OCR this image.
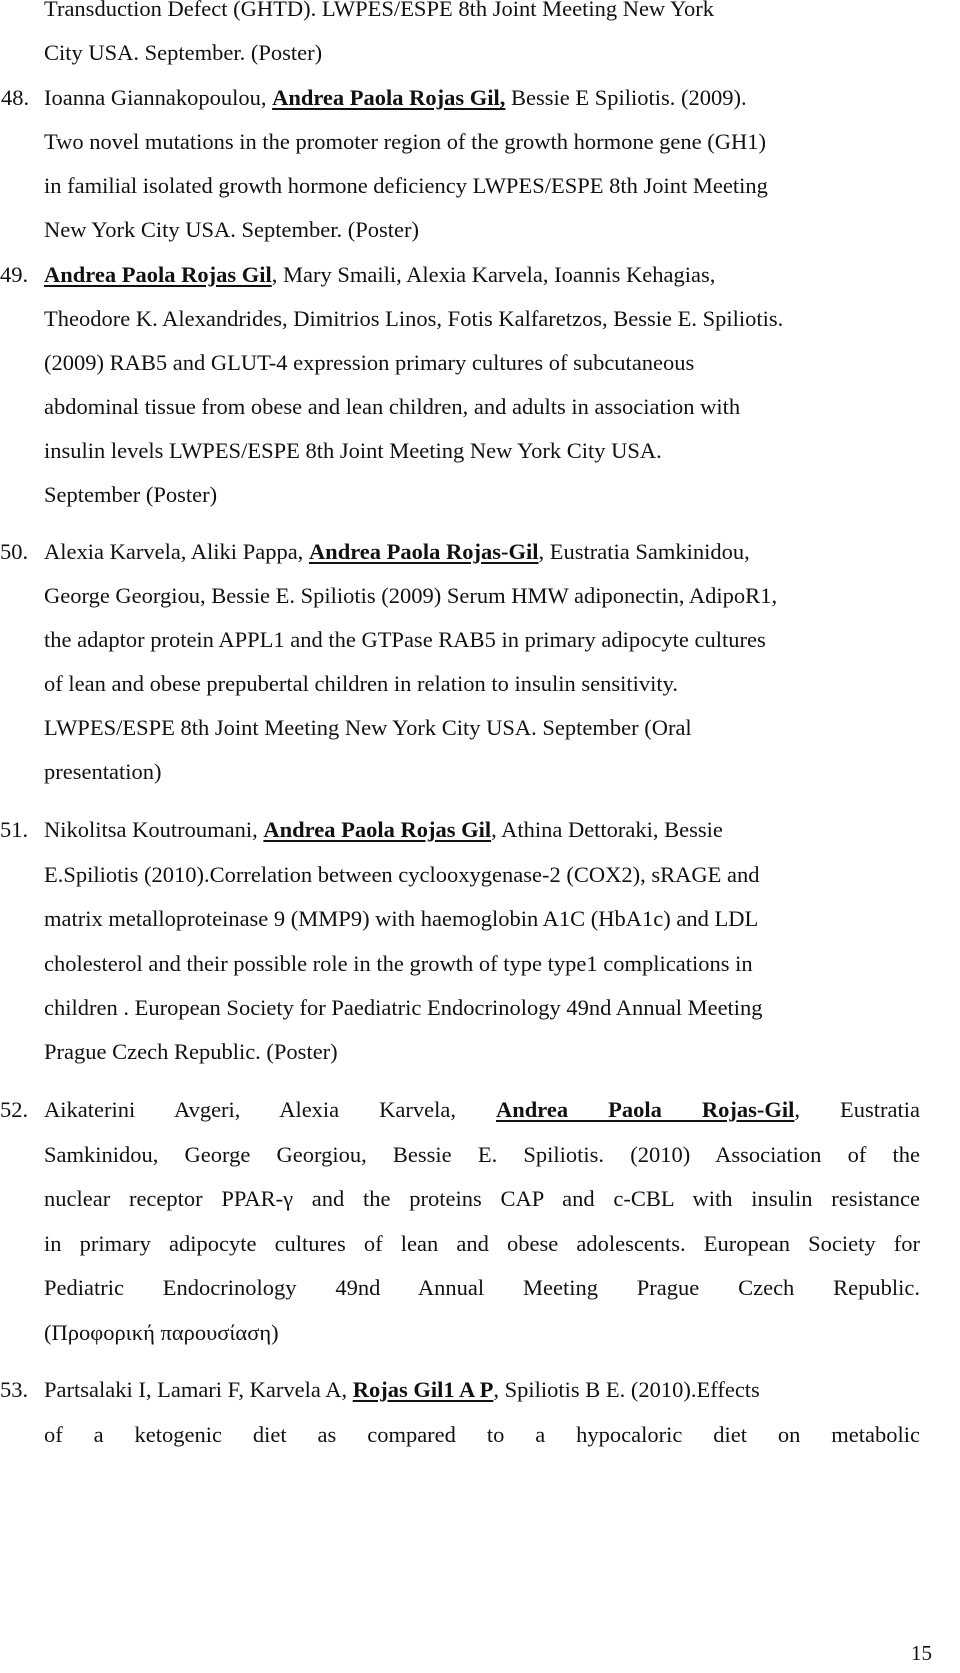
Transduction Defect (GHTD). LWPES/ESPE 8th Joint Meeting New York
City USA. September. (Poster)
48. Ioanna Giannakopoulou, Andrea Paola Rojas Gil, Bessie E Spiliotis. (2009).
Two novel mutations in the promoter region of the growth hormone gene (GH1)
in familial isolated growth hormone deficiency LWPES/ESPE 8th Joint Meeting
New York City USA. September. (Poster)
49. Andrea Paola Rojas Gil, Mary Smaili, Alexia Karvela, Ioannis Kehagias,
Theodore K. Alexandrides, Dimitrios Linos, Fotis Kalfaretzos, Bessie E. Spiliotis.
(2009) RAB5 and GLUT-4 expression primary cultures of subcutaneous
abdominal tissue from obese and lean children, and adults in association with
insulin levels LWPES/ESPE 8th Joint Meeting New York City USA.
September (Poster)
50. Alexia Karvela, Aliki Pappa, Andrea Paola Rojas-Gil, Eustratia Samkinidou,
George Georgiou, Bessie E. Spiliotis (2009) Serum HMW adiponectin, AdipoR1,
the adaptor protein APPL1 and the GTPase RAB5 in primary adipocyte cultures
of lean and obese prepubertal children in relation to insulin sensitivity.
LWPES/ESPE 8th Joint Meeting New York City USA. September (Oral
presentation)
51. Nikolitsa Koutroumani, Andrea Paola Rojas Gil, Athina Dettoraki, Bessie
E.Spiliotis (2010).Correlation between cyclooxygenase-2 (COX2), sRAGE and
matrix metalloproteinase 9 (MMP9) with haemoglobin A1C (HbA1c) and LDL
cholesterol and their possible role in the growth of type type1 complications in
children . European Society for Paediatric Endocrinology 49nd Annual Meeting
Prague Czech Republic. (Poster)
52. Aikaterini Avgeri, Alexia Karvela, Andrea Paola Rojas-Gil, Eustratia
Samkinidou, George Georgiou, Bessie E. Spiliotis. (2010) Association of the
nuclear receptor PPAR-γ and the proteins CAP and c-CBL with insulin resistance
in primary adipocyte cultures of lean and obese adolescents. European Society for
Pediatric Endocrinology 49nd Annual Meeting Prague Czech Republic.
(Προφορική παρουσίαση)
53. Partsalaki I, Lamari F, Karvela A, Rojas Gil1 A P, Spiliotis B E. (2010).Effects
of a ketogenic diet as compared to a hypocaloric diet on metabolic
15
